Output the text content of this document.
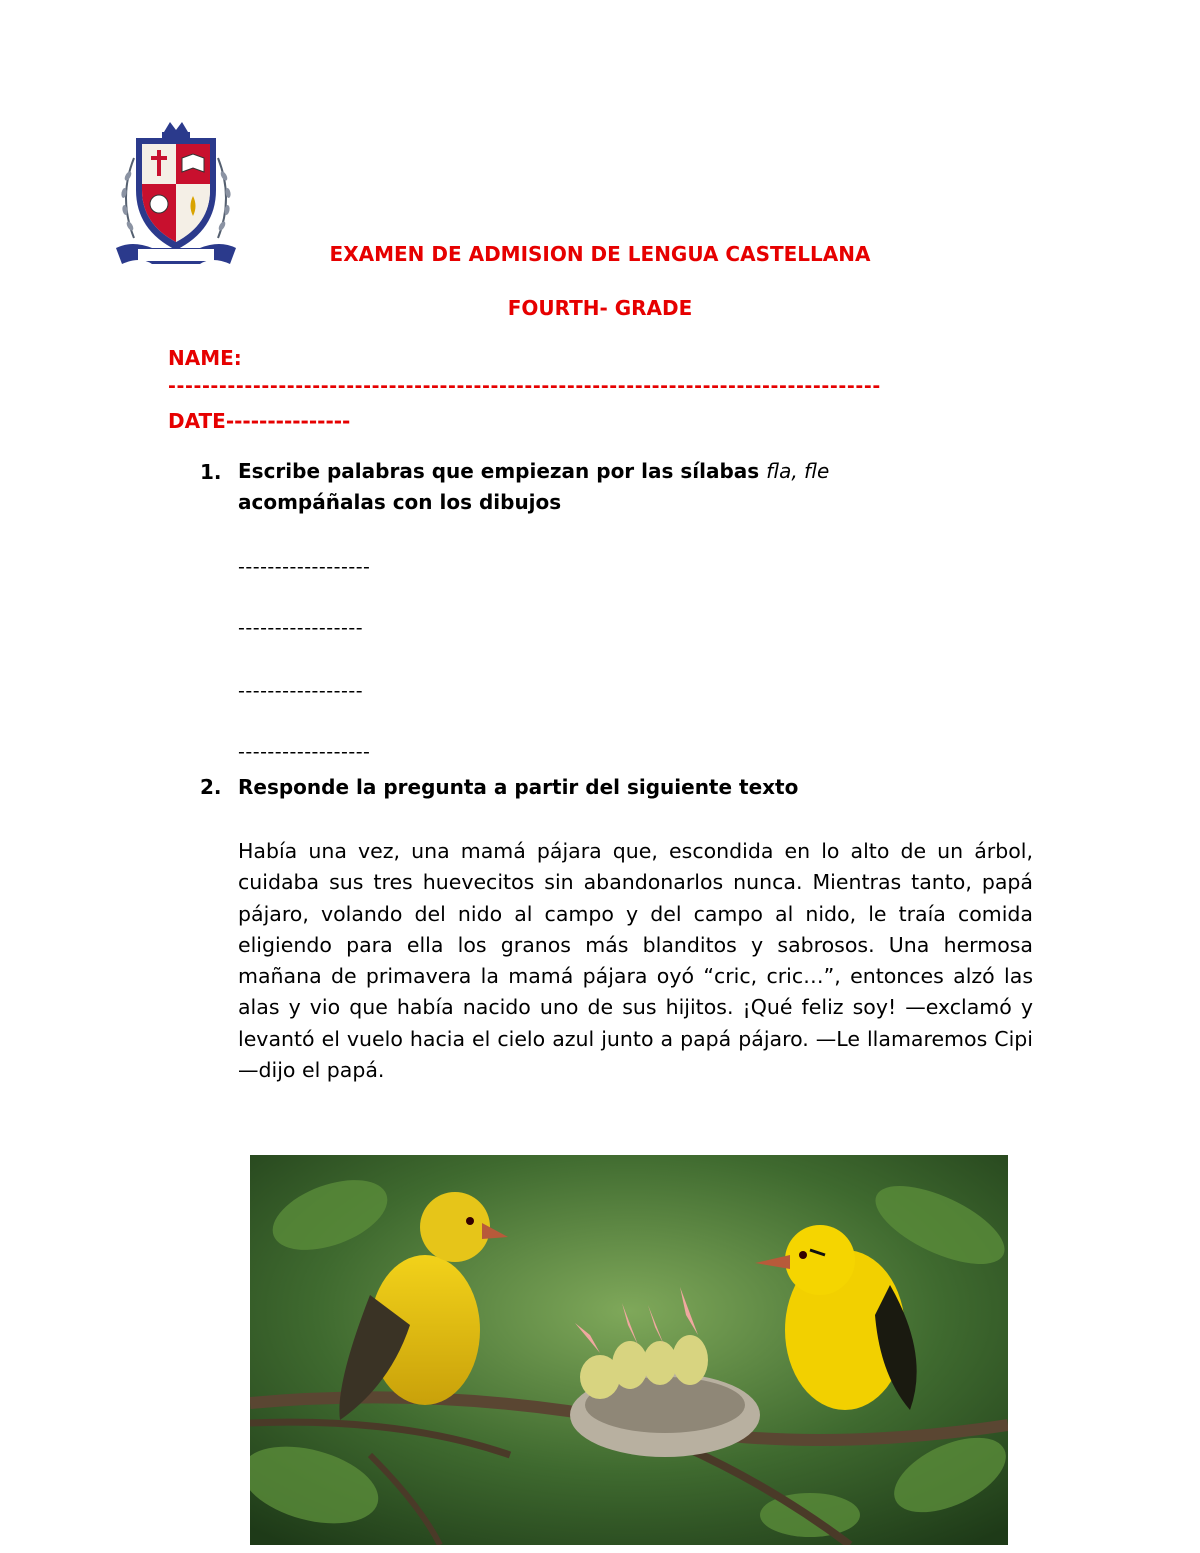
EXAMEN DE ADMISION DE LENGUA CASTELLANA
FOURTH- GRADE
NAME:
------------------------------------------------------------------------------------
DATE---------------
1. Escribe palabras que empiezan por las sílabas fla, fle
acompáñalas con los dibujos
------------------
-----------------
-----------------
------------------
2. Responde la pregunta a partir del siguiente texto
Había una vez, una mamá pájara que, escondida en lo alto de un árbol, cuidaba sus tres huevecitos sin abandonarlos nunca. Mientras tanto, papá pájaro, volando del nido al campo y del campo al nido, le traía comida eligiendo para ella los granos más blanditos y sabrosos. Una hermosa mañana de primavera la mamá pájara oyó “cric, cric…”, entonces alzó las alas y vio que había nacido uno de sus hijitos. ¡Qué feliz soy! —exclamó y levantó el vuelo hacia el cielo azul junto a papá pájaro. —Le llamaremos Cipi —dijo el papá.
